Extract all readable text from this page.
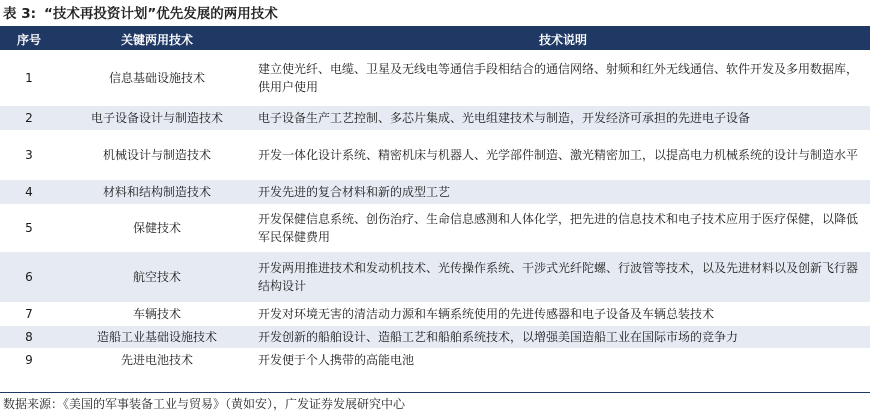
表 3: “技术再投资计划”优先发展的两用技术
序号	关键两用技术	技术说明
1	信息基础设施技术	建立使光纤、电缆、卫星及无线电等通信手段相结合的通信网络、射频和红外无线通信、软件开发及多用数据库，供用户使用
2	电子设备设计与制造技术	电子设备生产工艺控制、多芯片集成、光电组建技术与制造，开发经济可承担的先进电子设备
3	机械设计与制造技术	开发一体化设计系统、精密机床与机器人、光学部件制造、激光精密加工，以提高电力机械系统的设计与制造水平
4	材料和结构制造技术	开发先进的复合材料和新的成型工艺
5	保健技术	开发保健信息系统、创伤治疗、生命信息感测和人体化学，把先进的信息技术和电子技术应用于医疗保健，以降低军民保健费用
6	航空技术	开发两用推进技术和发动机技术、光传操作系统、干涉式光纤陀螺、行波管等技术，以及先进材料以及创新飞行器结构设计
7	车辆技术	开发对环境无害的清洁动力源和车辆系统使用的先进传感器和电子设备及车辆总装技术
8	造船工业基础设施技术	开发创新的船舶设计、造船工艺和船舶系统技术，以增强美国造船工业在国际市场的竞争力
9	先进电池技术	开发便于个人携带的高能电池
数据来源：《美国的军事装备工业与贸易》（黄如安），广发证券发展研究中心
